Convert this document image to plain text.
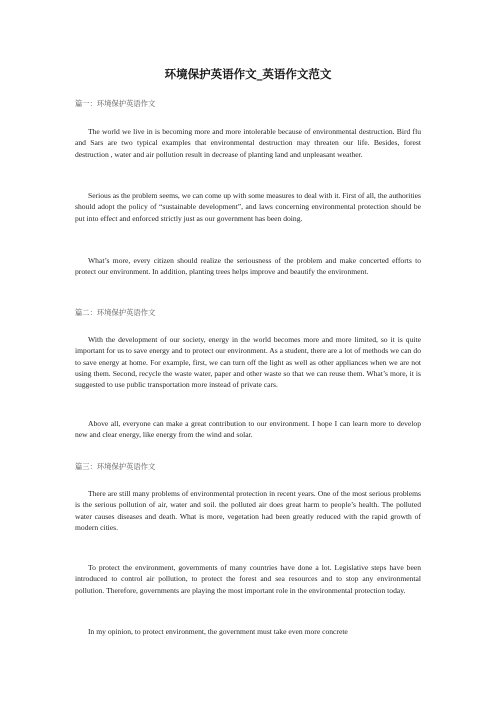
环境保护英语作文_英语作文范文

篇一：环境保护英语作文

The world we live in is becoming more and more intolerable because of environmental destruction. Bird flu and Sars are two typical examples that environmental destruction may threaten our life. Besides, forest destruction , water and air pollution result in decrease of planting land and unpleasant weather.

Serious as the problem seems, we can come up with some measures to deal with it. First of all, the authorities should adopt the policy of “sustainable development”, and laws concerning environmental protection should be put into effect and enforced strictly just as our government has been doing.

What’s more, every citizen should realize the seriousness of the problem and make concerted efforts to protect our environment. In addition, planting trees helps improve and beautify the environment.

篇二：环境保护英语作文

With the development of our society, energy in the world becomes more and more limited, so it is quite important for us to save energy and to protect our environment. As a student, there are a lot of methods we can do to save energy at home. For example, first, we can turn off the light as well as other appliances when we are not using them. Second, recycle the waste water, paper and other waste so that we can reuse them. What’s more, it is suggested to use public transportation more instead of private cars.

Above all, everyone can make a great contribution to our environment. I hope I can learn more to develop new and clear energy, like energy from the wind and solar.

篇三：环境保护英语作文

There are still many problems of environmental protection in recent years. One of the most serious problems is the serious pollution of air, water and soil. the polluted air does great harm to people’s health. The polluted water causes diseases and death. What is more, vegetation had been greatly reduced with the rapid growth of modern cities.

To protect the environment, governments of many countries have done a lot. Legislative steps have been introduced to control air pollution, to protect the forest and sea resources and to stop any environmental pollution. Therefore, governments are playing the most important role in the environmental protection today.

In my opinion, to protect environment, the government must take even more concrete
